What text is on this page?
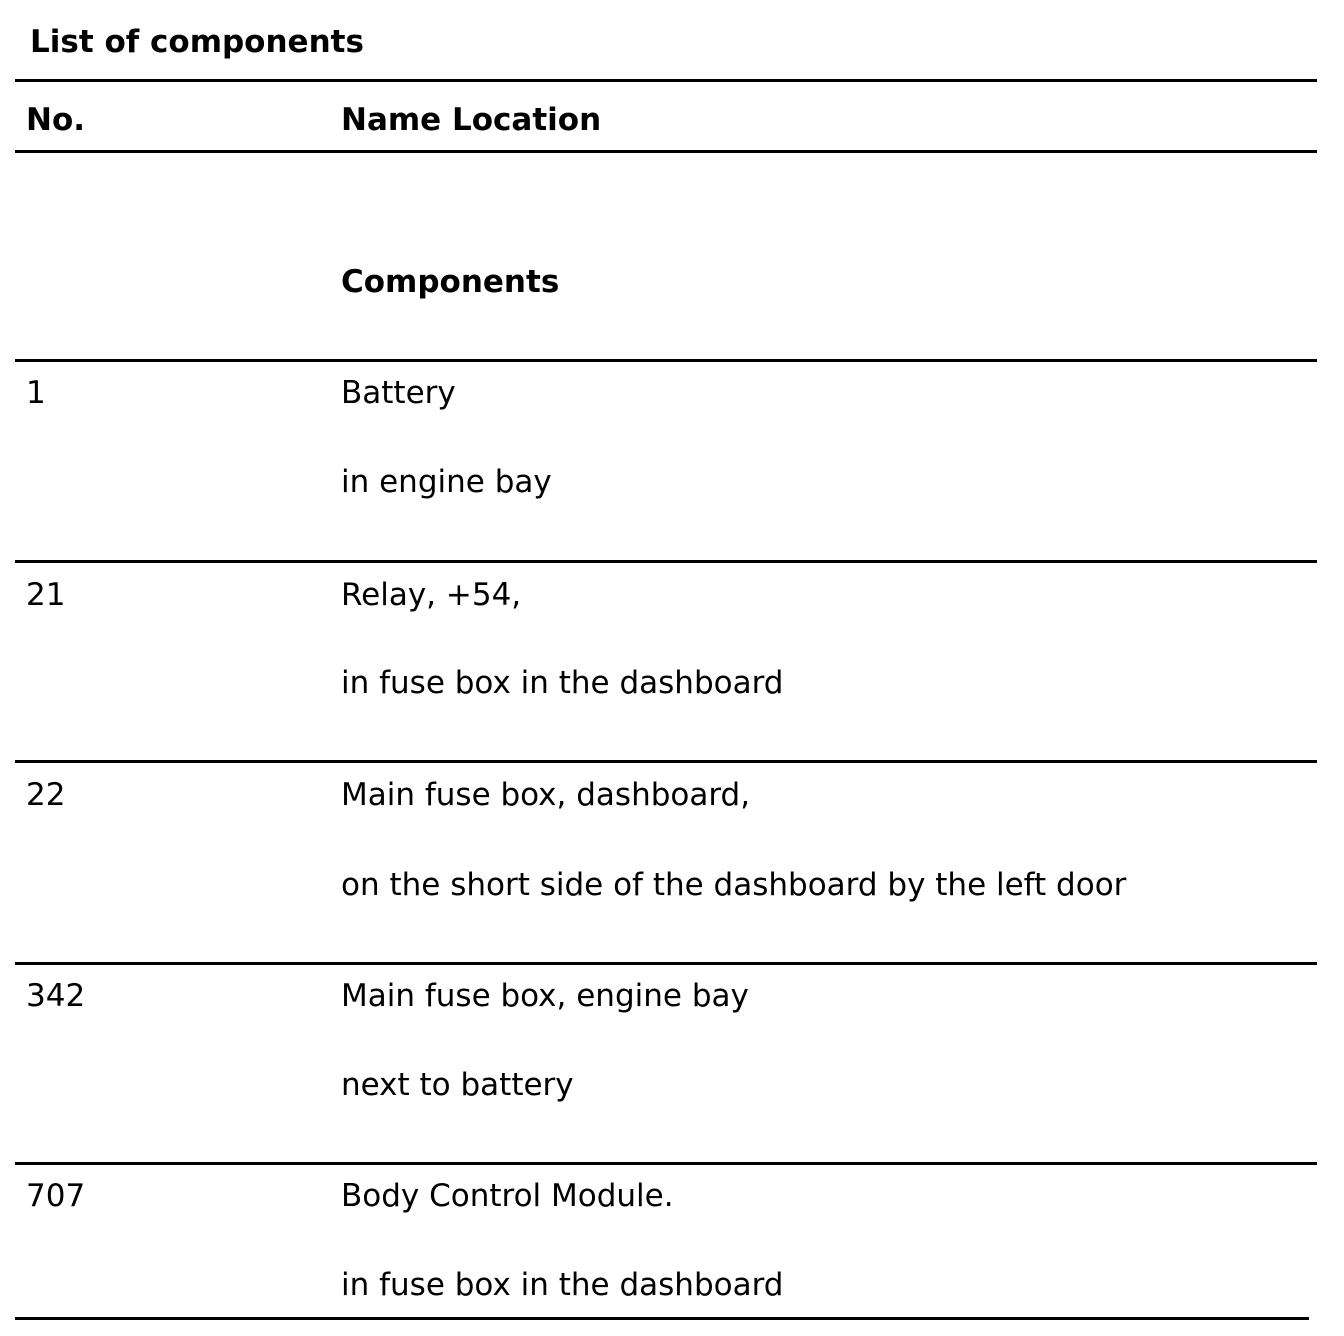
List of components
No.	Name Location
Components
1	Battery
in engine bay
21	Relay, +54,
in fuse box in the dashboard
22	Main fuse box, dashboard,
on the short side of the dashboard by the left door
342	Main fuse box, engine bay
next to battery
707	Body Control Module.
in fuse box in the dashboard
